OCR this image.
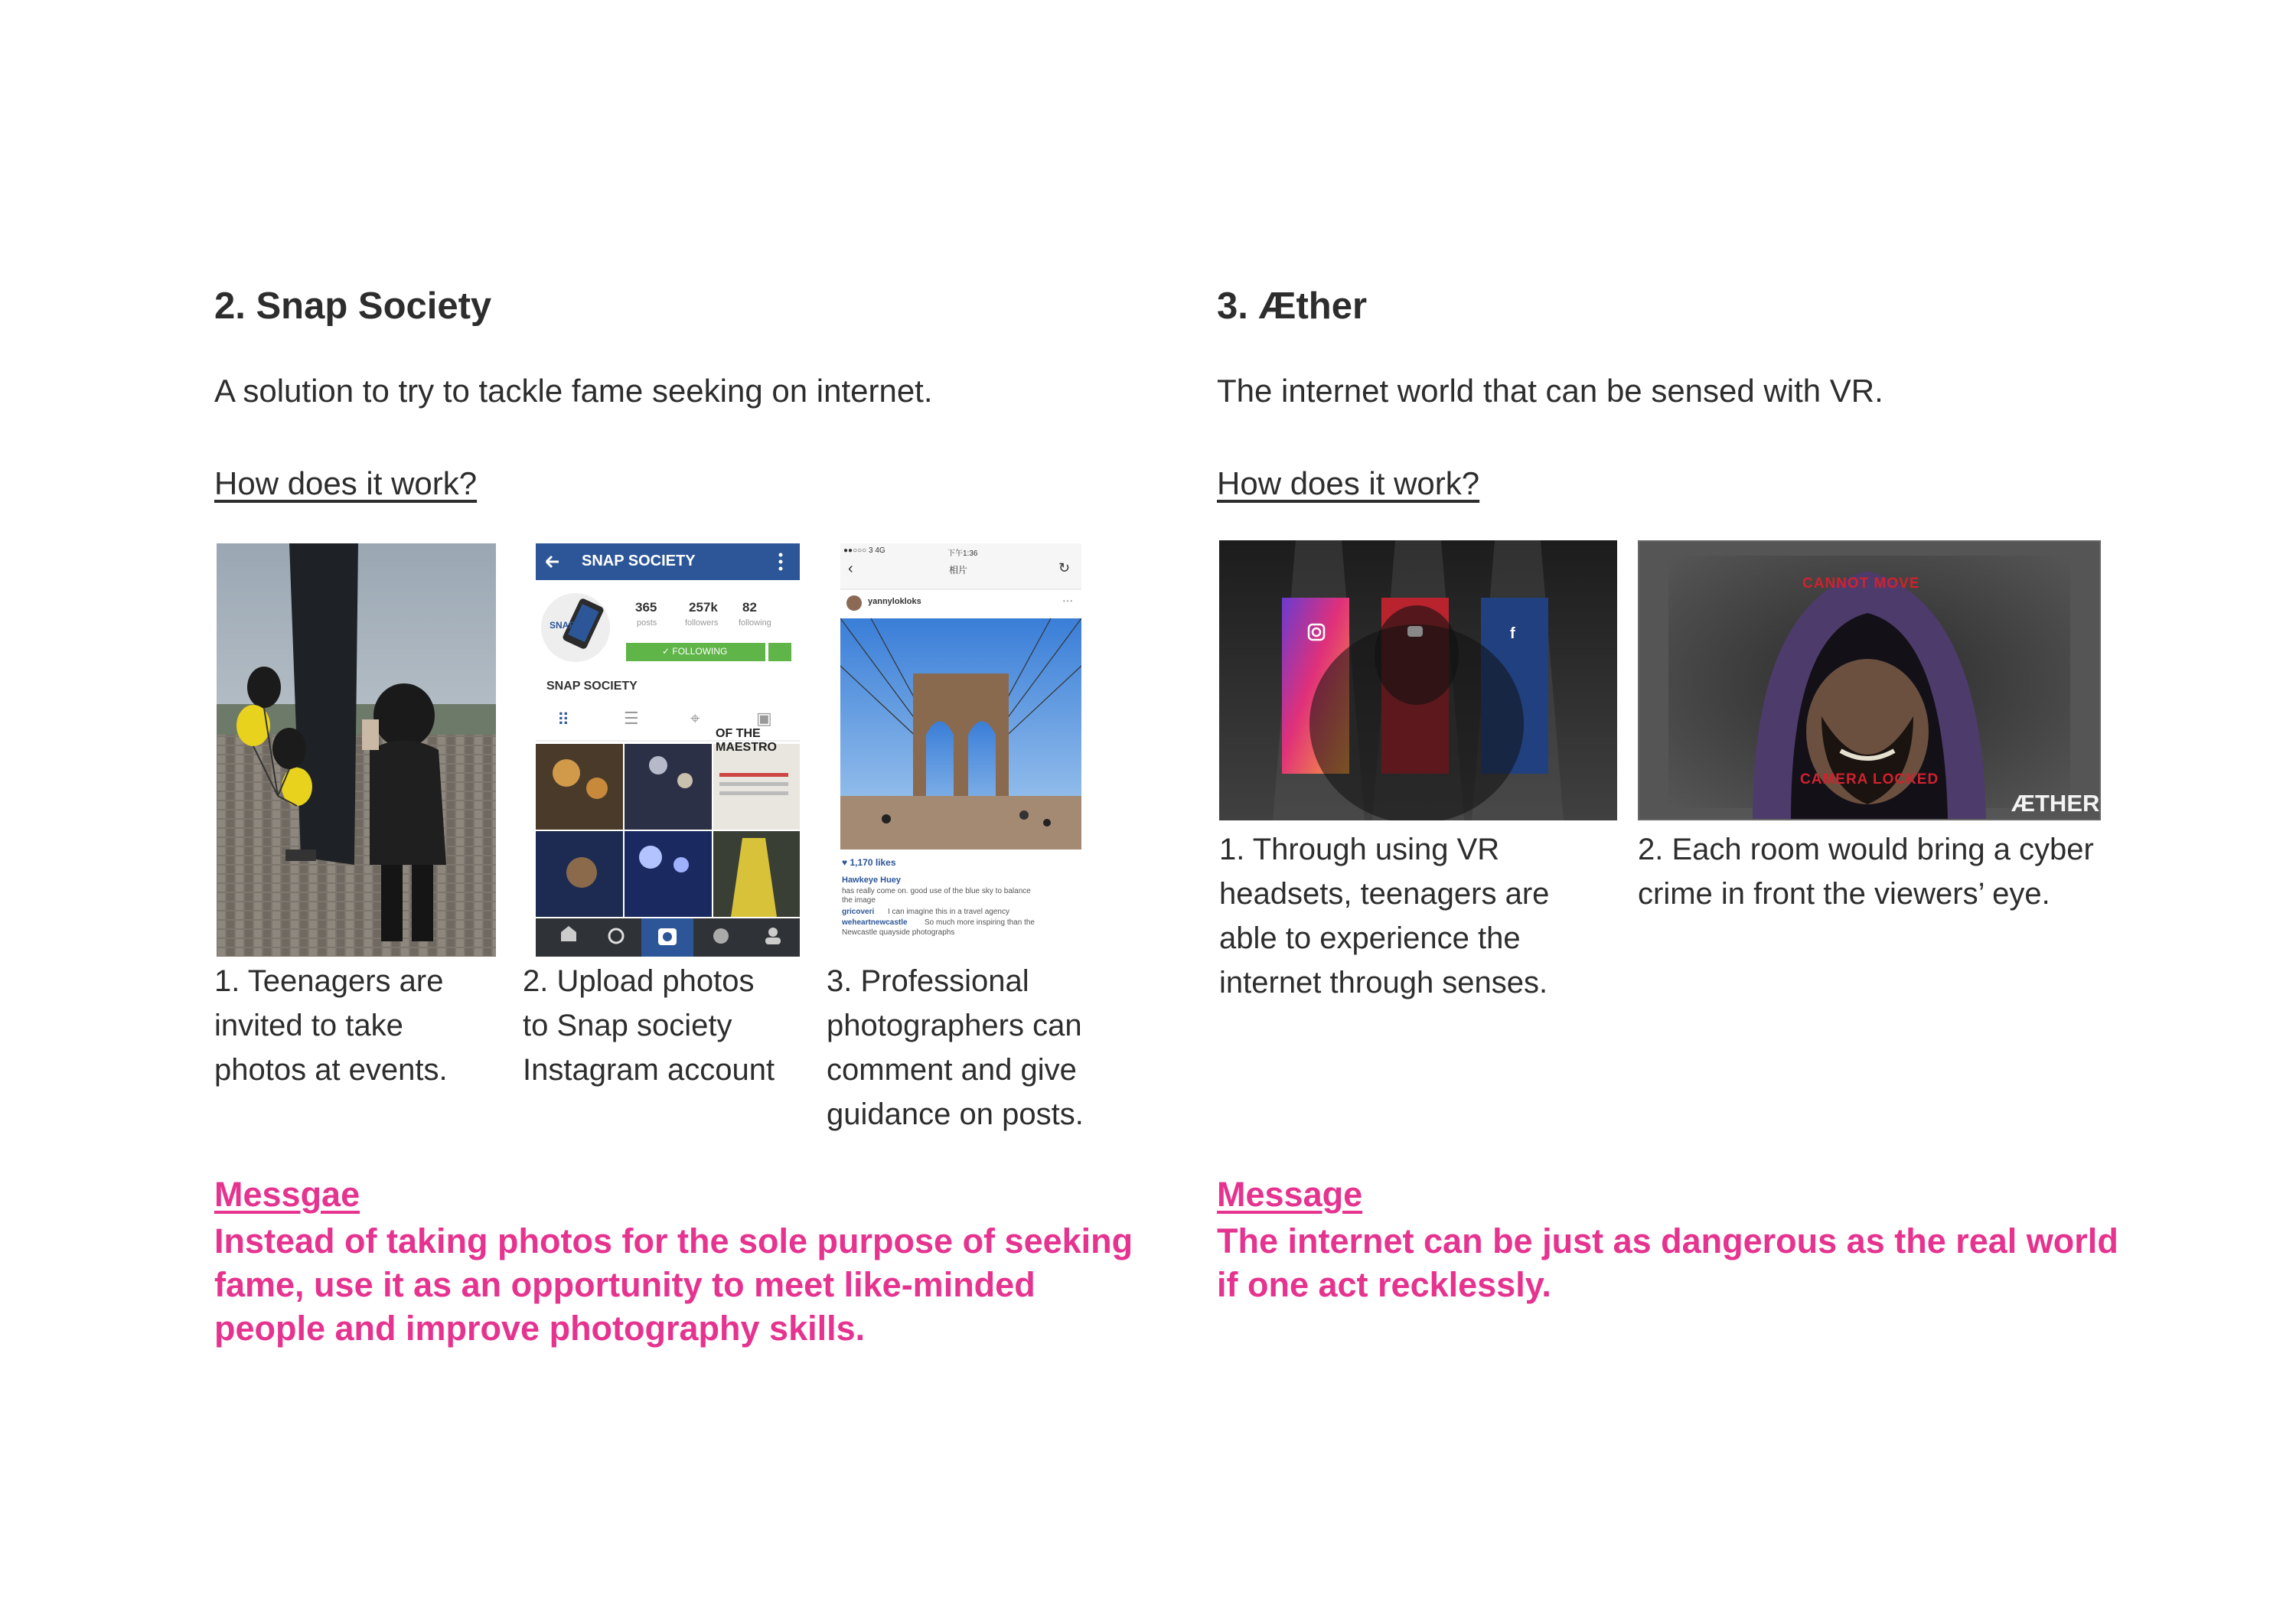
2. Snap Society
A solution to try to tackle fame seeking on internet.
How does it work?
SNAP SOCIETY
SNAP
365
posts
257k
followers
82
following
✓ FOLLOWING
SNAP SOCIETY
OF THE MAESTRO
⠿	☰	⌖	▣
●●○○○ 3 4G	下午1:36
‹	相片	↻
yannylokloks	···
♥ 1,170 likes
Hawkeye Huey
has really come on. good use of the blue sky to balance
the image
gricoveri I can imagine this in a travel agency
weheartnewcastle So much more inspiring than the
Newcastle quayside photographs
1. Teenagers are
invited to take
photos at events.
2. Upload photos
to Snap society
Instagram account
3. Professional
photographers can
comment and give
guidance on posts.
Messgae
Instead of taking photos for the sole purpose of seeking
fame, use it as an opportunity to meet like-minded
people and improve photography skills.
3. Æther
The internet world that can be sensed with VR.
How does it work?
f
CANNOT MOVE
CAMERA LOCKED
ÆTHER
1. Through using VR
headsets, teenagers are
able to experience the
internet through senses.
2. Each room would bring a cyber
crime in front the viewers’ eye.
Message
The internet can be just as dangerous as the real world
if one act recklessly.
